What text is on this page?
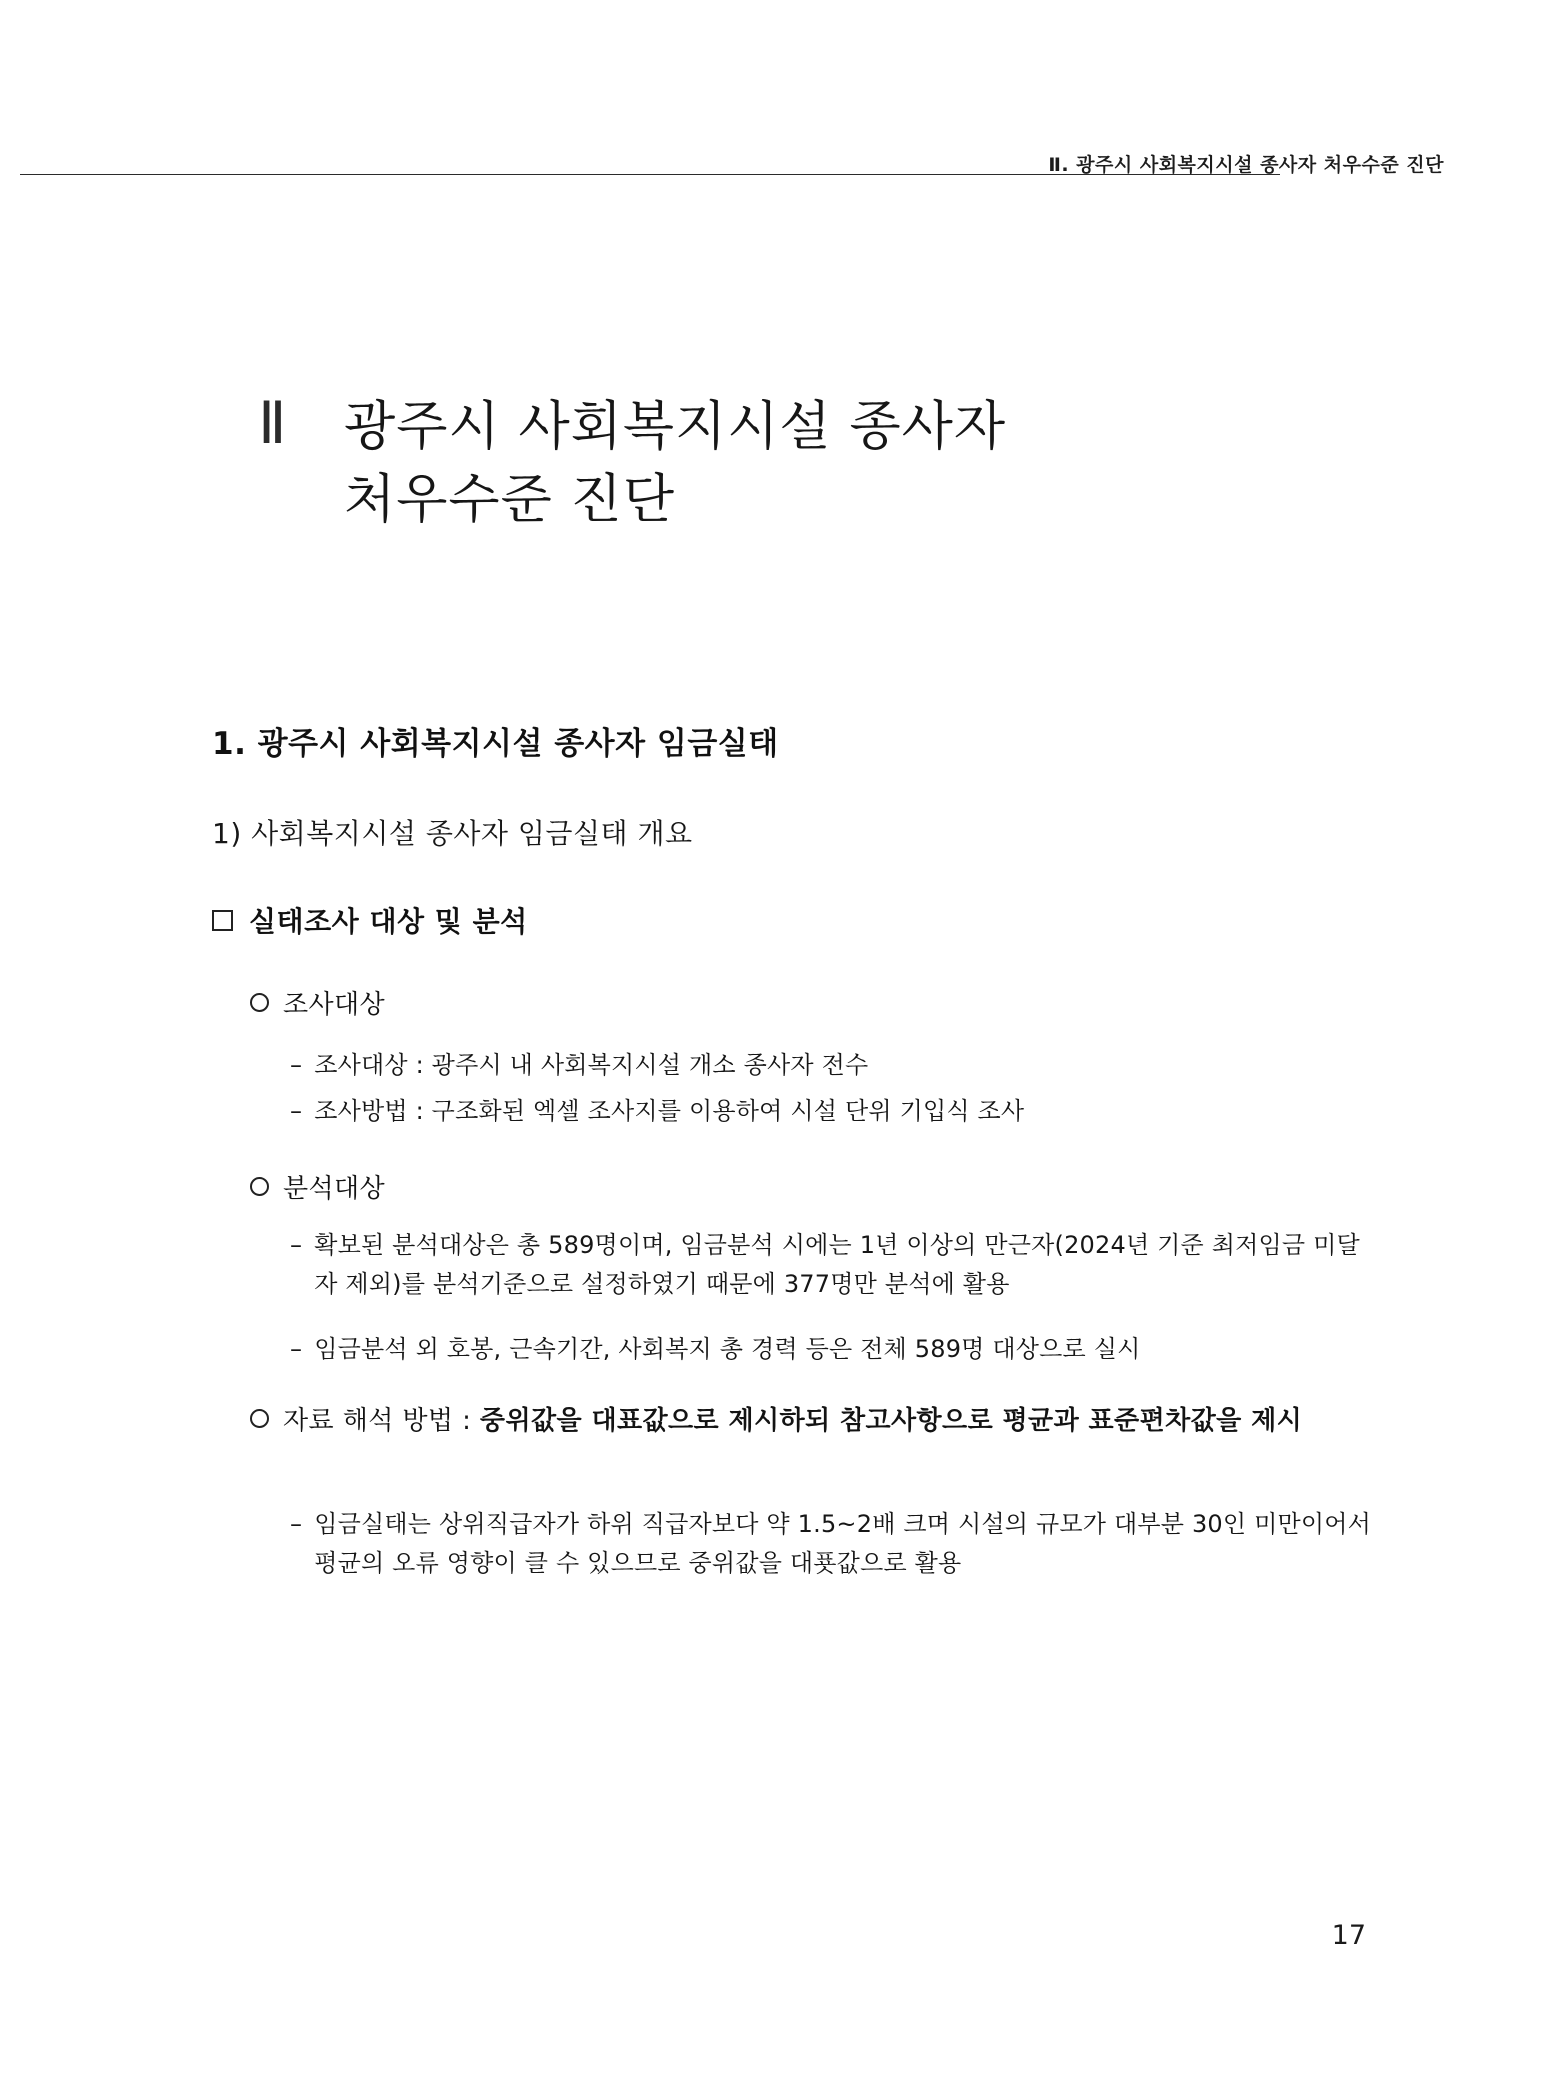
Ⅱ. 광주시 사회복지시설 종사자 처우수준 진단
Ⅱ	광주시 사회복지시설 종사자
처우수준 진단
1. 광주시 사회복지시설 종사자 임금실태
1) 사회복지시설 종사자 임금실태 개요
실태조사 대상 및 분석
조사대상
– 조사대상 : 광주시 내 사회복지시설 개소 종사자 전수
– 조사방법 : 구조화된 엑셀 조사지를 이용하여 시설 단위 기입식 조사
분석대상
– 확보된 분석대상은 총 589명이며, 임금분석 시에는 1년 이상의 만근자(2024년 기준 최저임금 미달자 제외)를 분석기준으로 설정하였기 때문에 377명만 분석에 활용
– 임금분석 외 호봉, 근속기간, 사회복지 총 경력 등은 전체 589명 대상으로 실시
자료 해석 방법 : 중위값을 대표값으로 제시하되 참고사항으로 평균과 표준편차값을 제시
– 임금실태는 상위직급자가 하위 직급자보다 약 1.5~2배 크며 시설의 규모가 대부분 30인 미만이어서 평균의 오류 영향이 클 수 있으므로 중위값을 대푯값으로 활용
17
